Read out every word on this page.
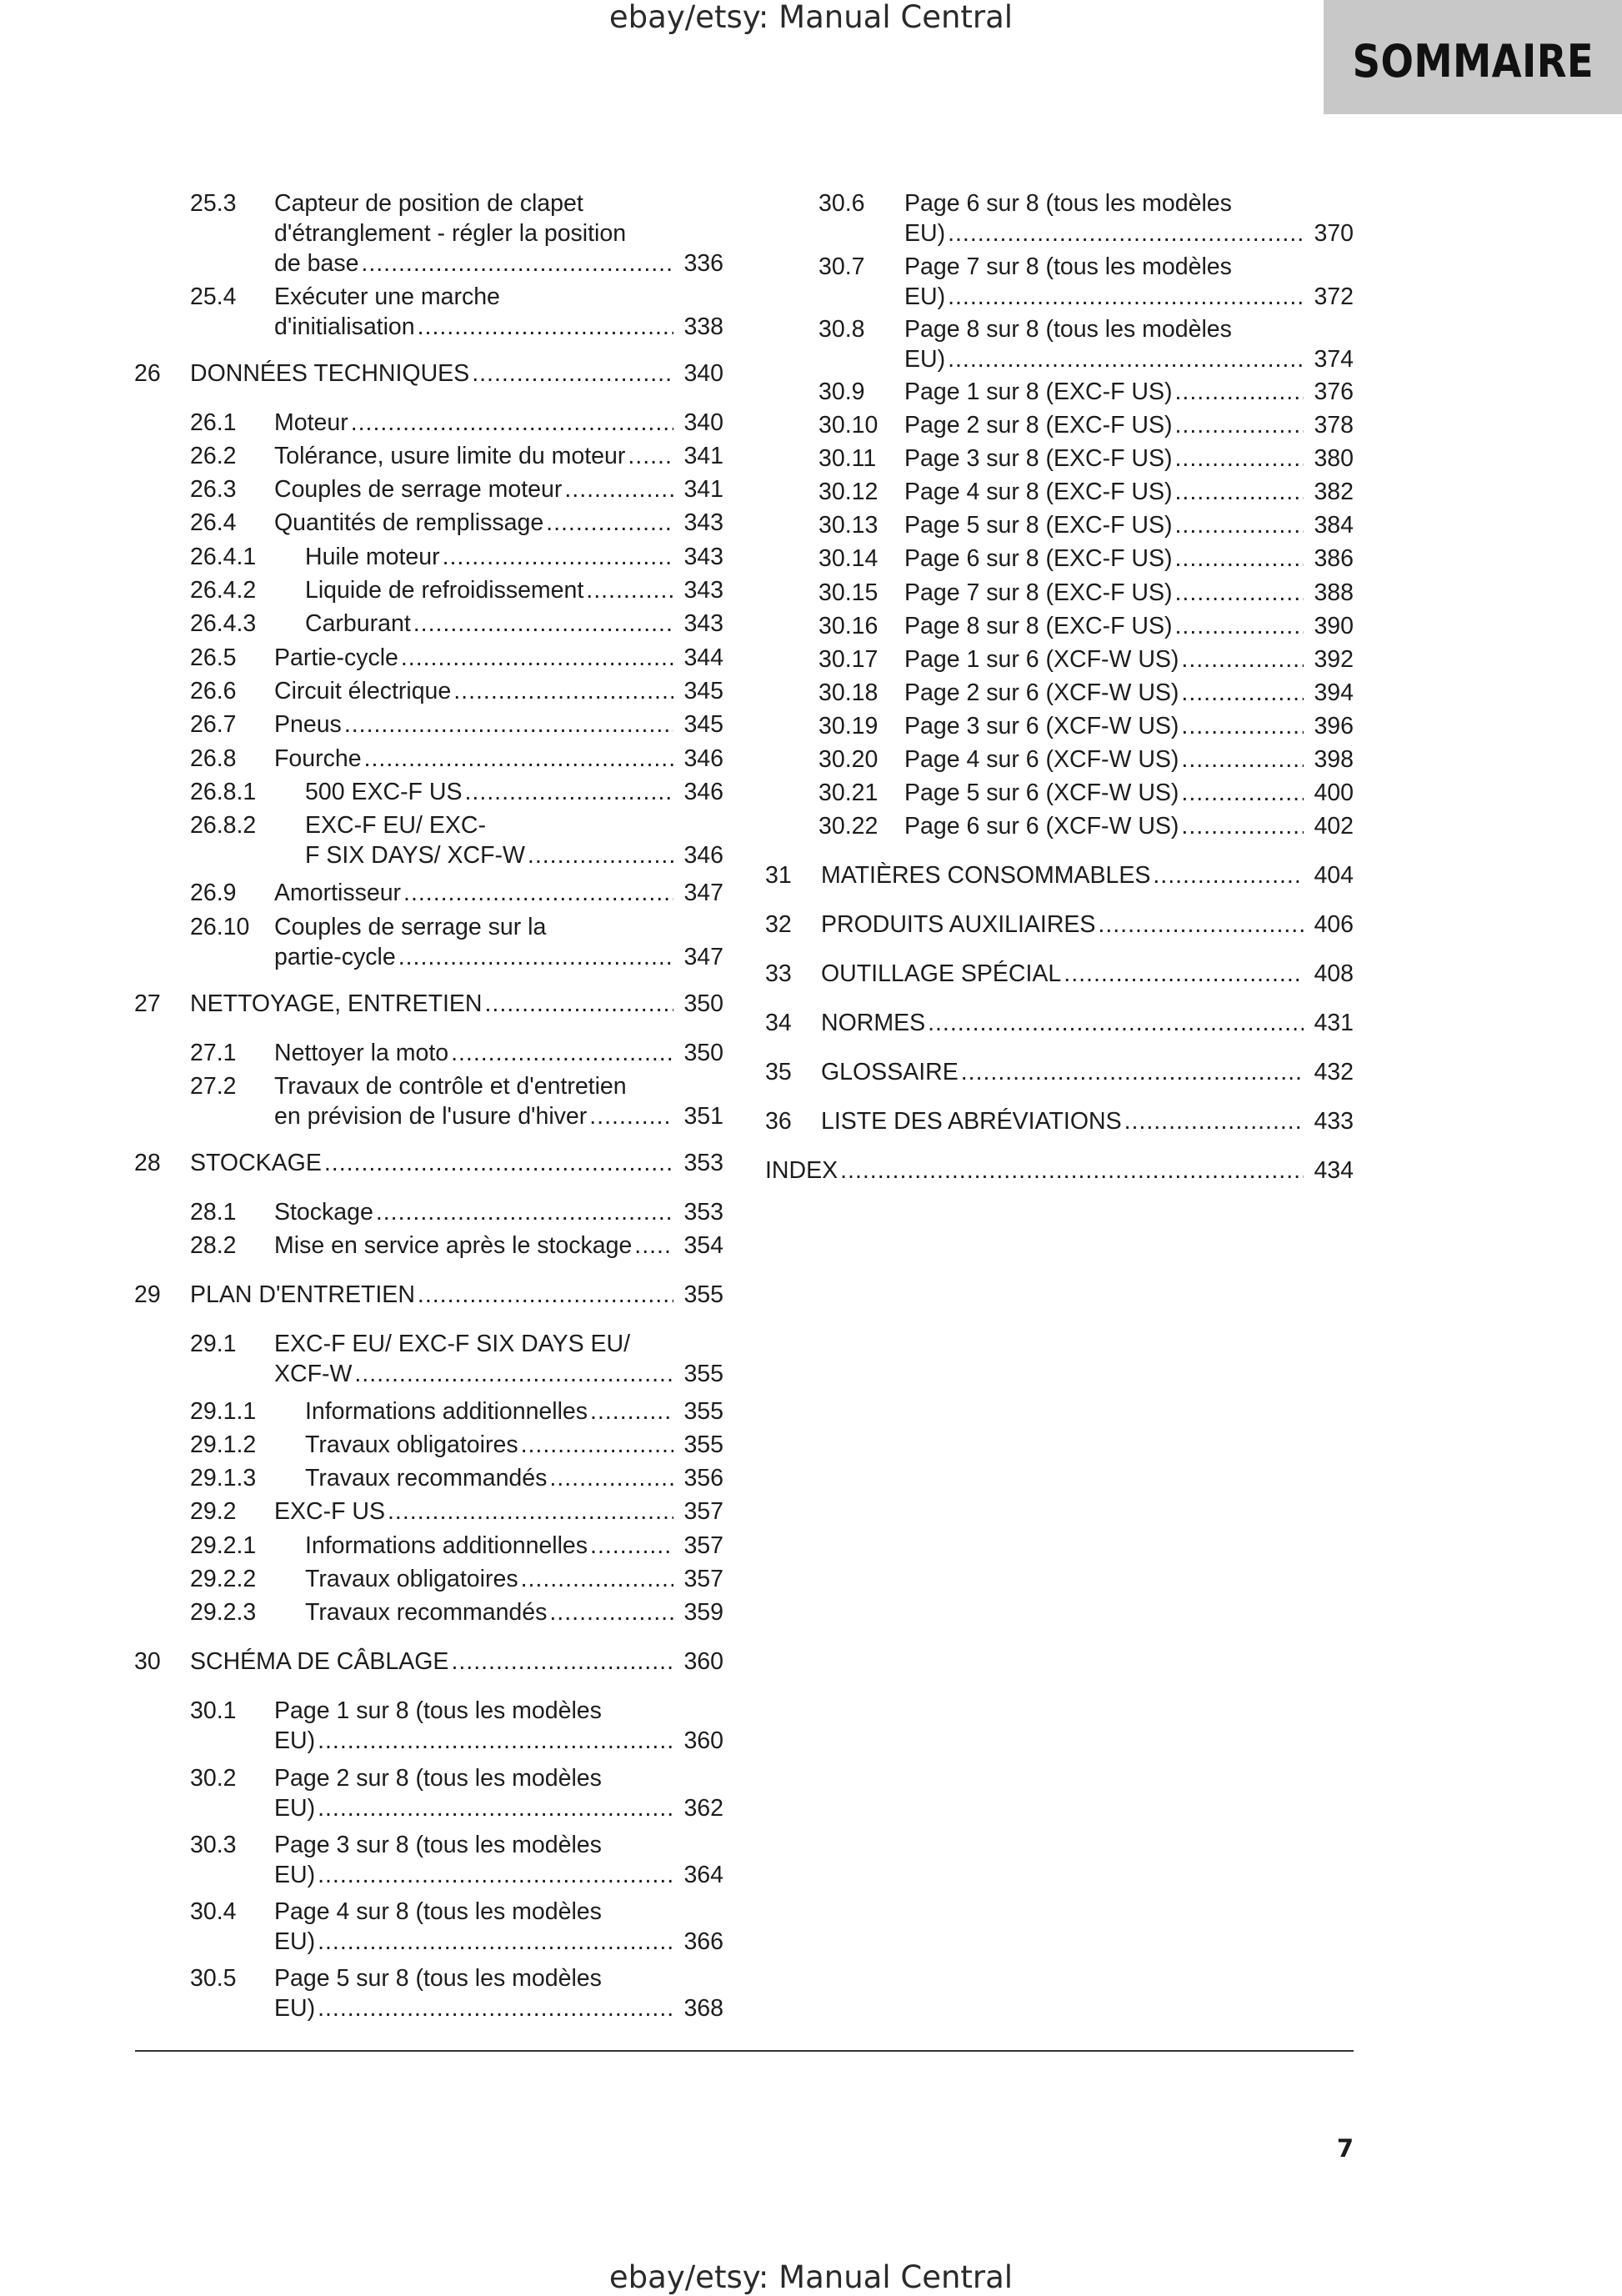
ebay/etsy: Manual Central
SOMMAIRE
25.3 Capteur de position de clapet
d'étranglement - régler la position
de base .....	336
25.4 Exécuter une marche
d'initialisation .....	338
26 DONNÉES TECHNIQUES .....	340
26.1 Moteur .....	340
26.2 Tolérance, usure limite du moteur ..... 341
26.3 Couples de serrage moteur .....	341
26.4 Quantités de remplissage .....	343
26.4.1 Huile moteur .....	343
26.4.2 Liquide de refroidissement .....	343
26.4.3 Carburant .....	343
26.5 Partie-cycle .....	344
26.6 Circuit électrique .....	345
26.7 Pneus .....	345
26.8 Fourche .....	346
26.8.1 500 EXC-F US .....	346
26.8.2 EXC-F EU/ EXC-
F SIX DAYS/ XCF-W .....	346
26.9 Amortisseur .....	347
26.10 Couples de serrage sur la
partie-cycle .....	347
27 NETTOYAGE, ENTRETIEN .....	350
27.1 Nettoyer la moto .....	350
27.2 Travaux de contrôle et d'entretien
en prévision de l'usure d'hiver .....	351
28 STOCKAGE .....	353
28.1 Stockage .....	353
28.2 Mise en service après le stockage ..... 354
29 PLAN D'ENTRETIEN .....	355
29.1 EXC-F EU/ EXC-F SIX DAYS EU/
XCF-W .....	355
29.1.1 Informations additionnelles .....	355
29.1.2 Travaux obligatoires .....	355
29.1.3 Travaux recommandés .....	356
29.2 EXC-F US .....	357
29.2.1 Informations additionnelles .....	357
29.2.2 Travaux obligatoires .....	357
29.2.3 Travaux recommandés .....	359
30 SCHÉMA DE CÂBLAGE .....	360
30.1 Page 1 sur 8 (tous les modèles
EU) .....	360
30.2 Page 2 sur 8 (tous les modèles
EU) .....	362
30.3 Page 3 sur 8 (tous les modèles
EU) .....	364
30.4 Page 4 sur 8 (tous les modèles
EU) .....	366
30.5 Page 5 sur 8 (tous les modèles
EU) .....	368
30.6 Page 6 sur 8 (tous les modèles
EU) .....	370
30.7 Page 7 sur 8 (tous les modèles
EU) .....	372
30.8 Page 8 sur 8 (tous les modèles
EU) .....	374
30.9 Page 1 sur 8 (EXC-F US) .....	376
30.10 Page 2 sur 8 (EXC-F US) .....	378
30.11 Page 3 sur 8 (EXC-F US) .....	380
30.12 Page 4 sur 8 (EXC-F US) .....	382
30.13 Page 5 sur 8 (EXC-F US) .....	384
30.14 Page 6 sur 8 (EXC-F US) .....	386
30.15 Page 7 sur 8 (EXC-F US) .....	388
30.16 Page 8 sur 8 (EXC-F US) .....	390
30.17 Page 1 sur 6 (XCF-W US) .....	392
30.18 Page 2 sur 6 (XCF-W US) .....	394
30.19 Page 3 sur 6 (XCF-W US) .....	396
30.20 Page 4 sur 6 (XCF-W US) .....	398
30.21 Page 5 sur 6 (XCF-W US) .....	400
30.22 Page 6 sur 6 (XCF-W US) .....	402
31 MATIÈRES CONSOMMABLES .....	404
32 PRODUITS AUXILIAIRES .....	406
33 OUTILLAGE SPÉCIAL .....	408
34 NORMES .....	431
35 GLOSSAIRE .....	432
36 LISTE DES ABRÉVIATIONS .....	433
INDEX .....	434
7
ebay/etsy: Manual Central
